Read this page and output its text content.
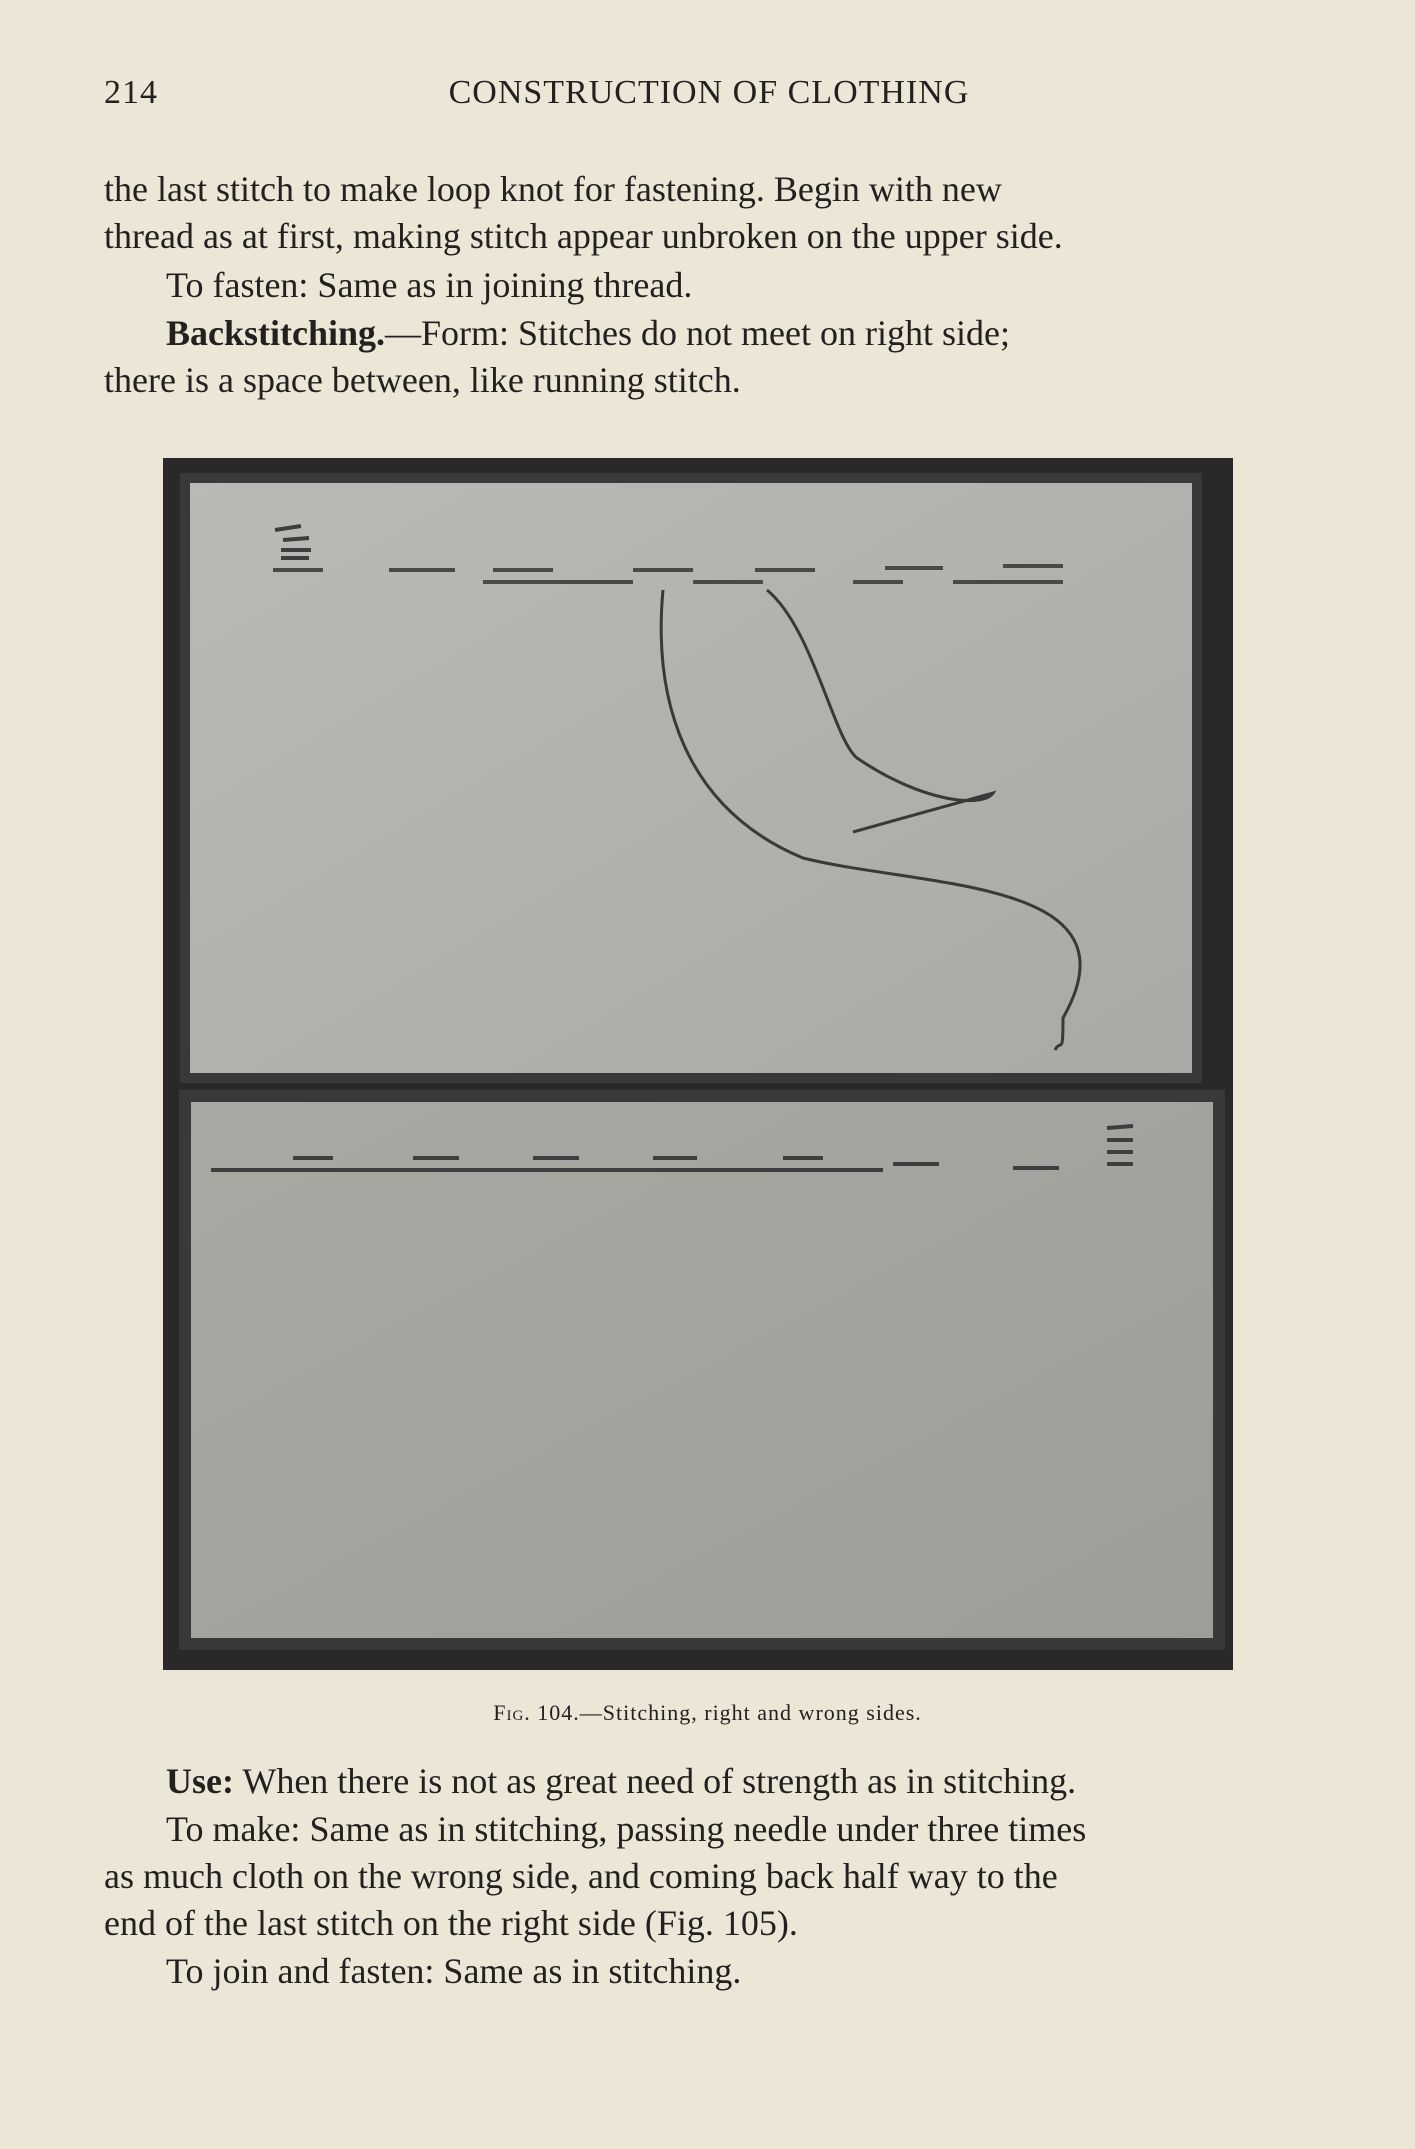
214	CONSTRUCTION OF CLOTHING

the last stitch to make loop knot for fastening. Begin with new
thread as at first, making stitch appear unbroken on the upper side.

To fasten: Same as in joining thread.

Backstitching.—Form: Stitches do not meet on right side;
there is a space between, like running stitch.

Fig. 104.—Stitching, right and wrong sides.

Use: When there is not as great need of strength as in stitching.

To make: Same as in stitching, passing needle under three times
as much cloth on the wrong side, and coming back half way to the
end of the last stitch on the right side (Fig. 105).

To join and fasten: Same as in stitching.
